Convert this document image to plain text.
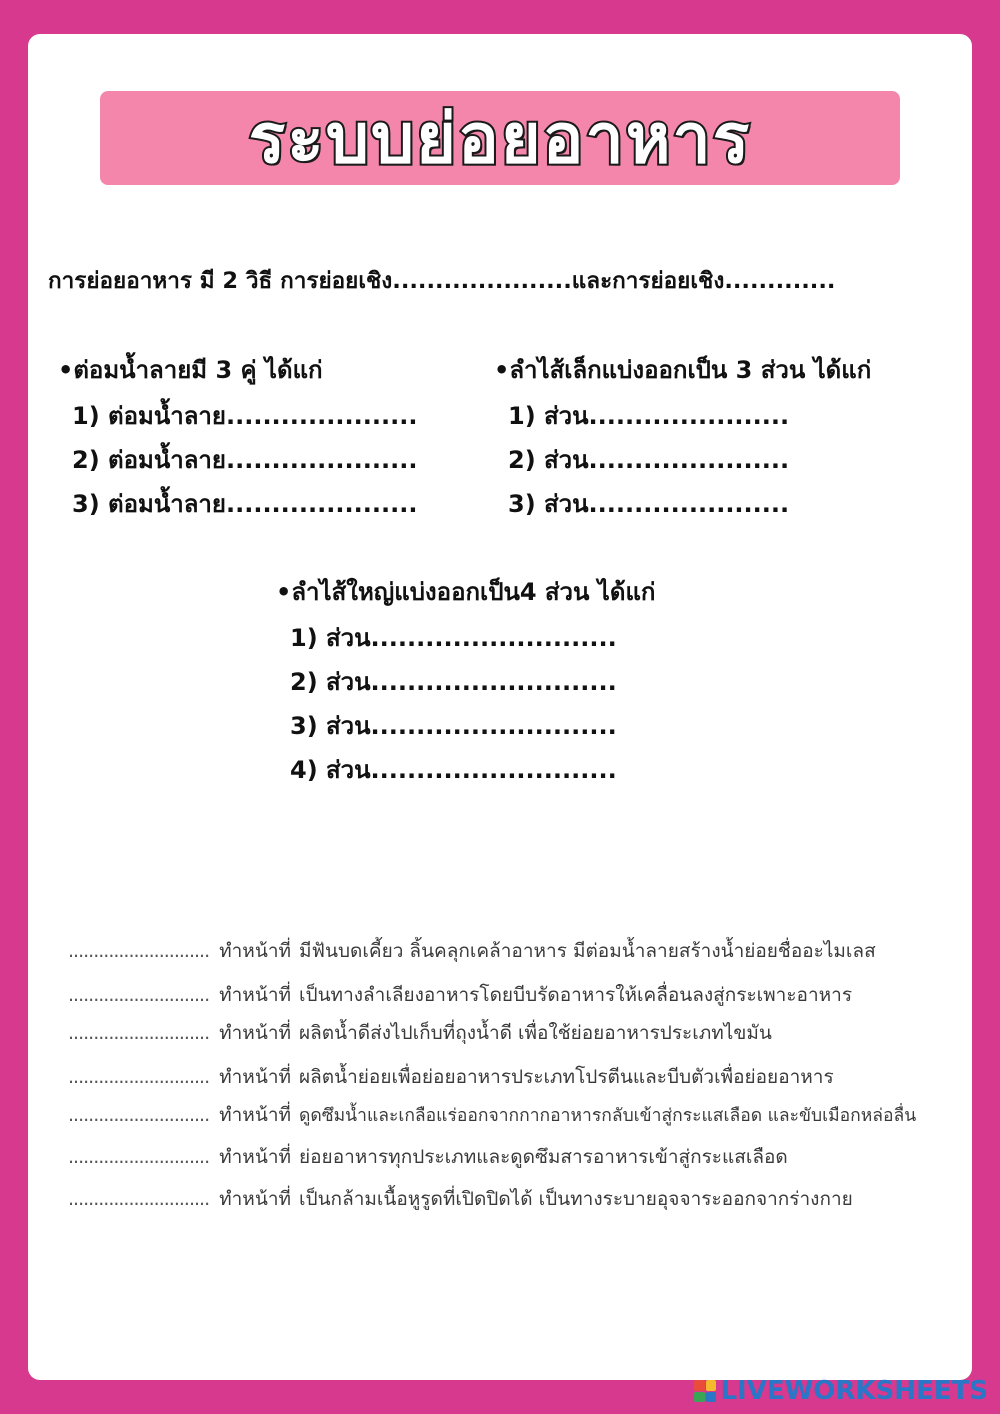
ระบบย่อยอาหาร
การย่อยอาหาร มี 2 วิธี การย่อยเชิง.....................และการย่อยเชิง.............
•ต่อมน้ำลายมี 3 คู่ ได้แก่
1) ต่อมน้ำลาย.....................
2) ต่อมน้ำลาย.....................
3) ต่อมน้ำลาย.....................
•ลำไส้เล็กแบ่งออกเป็น 3 ส่วน ได้แก่
1) ส่วน......................
2) ส่วน......................
3) ส่วน......................
•ลำไส้ใหญ่แบ่งออกเป็น4 ส่วน ได้แก่
1) ส่วน...........................
2) ส่วน...........................
3) ส่วน...........................
4) ส่วน...........................
............................ ทำหน้าที่ มีฟันบดเคี้ยว ลิ้นคลุกเคล้าอาหาร มีต่อมน้ำลายสร้างน้ำย่อยชื่ออะไมเลส
............................ ทำหน้าที่ เป็นทางลำเลียงอาหารโดยบีบรัดอาหารให้เคลื่อนลงสู่กระเพาะอาหาร
............................ ทำหน้าที่ ผลิตน้ำดีส่งไปเก็บที่ถุงน้ำดี เพื่อใช้ย่อยอาหารประเภทไขมัน
............................ ทำหน้าที่ ผลิตน้ำย่อยเพื่อย่อยอาหารประเภทโปรตีนและบีบตัวเพื่อย่อยอาหาร
............................ ทำหน้าที่ ดูดซึมน้ำและเกลือแร่ออกจากกากอาหารกลับเข้าสู่กระแสเลือด และขับเมือกหล่อลื่น
............................ ทำหน้าที่ ย่อยอาหารทุกประเภทและดูดซึมสารอาหารเข้าสู่กระแสเลือด
............................ ทำหน้าที่ เป็นกล้ามเนื้อหูรูดที่เปิดปิดได้ เป็นทางระบายอุจจาระออกจากร่างกาย
LIVEWORKSHEETS
